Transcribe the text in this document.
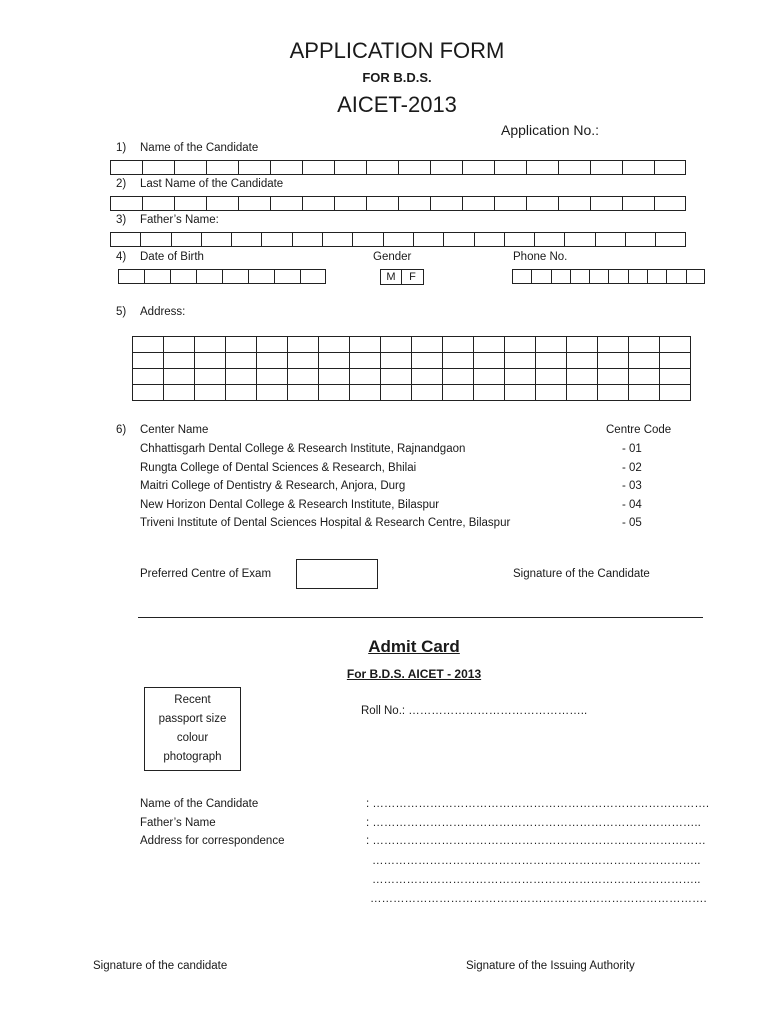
APPLICATION FORM
FOR B.D.S.
AICET-2013
Application No.:
1) Name of the Candidate
2) Last Name of the Candidate
3) Father’s Name:
4) Date of Birth	Gender
M	F
Phone No.
5) Address:

6) Center Name	Centre Code
Chhattisgarh Dental College & Research Institute, Rajnandgaon	- 01
Rungta College of Dental Sciences & Research, Bhilai	- 02
Maitri College of Dentistry & Research, Anjora, Durg	- 03
New Horizon Dental College & Research Institute, Bilaspur	- 04
Triveni Institute of Dental Sciences Hospital & Research Centre, Bilaspur	- 05
Preferred Centre of Exam	Signature of the Candidate
Admit Card
For B.D.S. AICET - 2013
Recent
passport size
colour
photograph
Roll No.: ………………………………………..
Name of the Candidate	: …………………………………………………………………………….
Father’s Name	: …………………………………………………………………………..
Address for correspondence	: ……………………………………………………………………………
…………………………………………………………………………..
…………………………………………………………………………..
…………………………………………………………………………….
Signature of the candidate	Signature of the Issuing Authority
